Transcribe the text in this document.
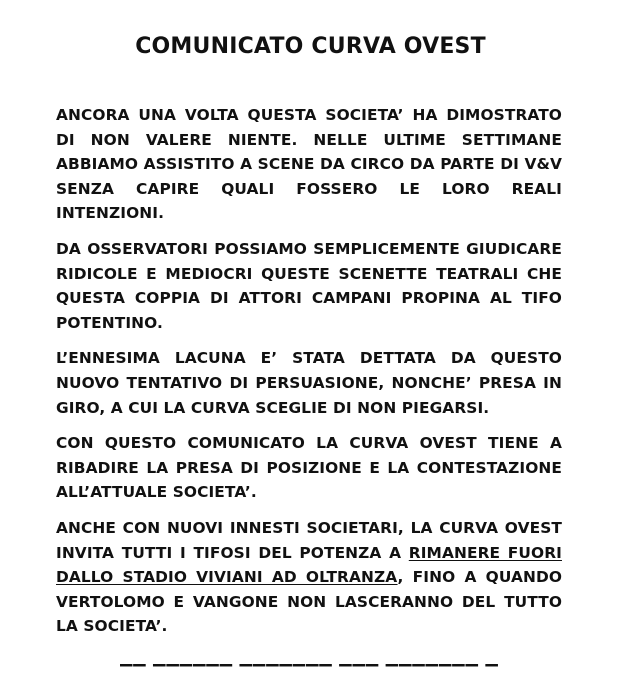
COMUNICATO CURVA OVEST

ANCORA UNA VOLTA QUESTA SOCIETA’ HA DIMOSTRATO DI NON VALERE NIENTE. NELLE ULTIME SETTIMANE ABBIAMO ASSISTITO A SCENE DA CIRCO DA PARTE DI V&V SENZA CAPIRE QUALI FOSSERO LE LORO REALI INTENZIONI.

DA OSSERVATORI POSSIAMO SEMPLICEMENTE GIUDICARE RIDICOLE E MEDIOCRI QUESTE SCENETTE TEATRALI CHE QUESTA COPPIA DI ATTORI CAMPANI PROPINA AL TIFO POTENTINO.

L’ENNESIMA LACUNA E’ STATA DETTATA DA QUESTO NUOVO TENTATIVO DI PERSUASIONE, NONCHE’ PRESA IN GIRO, A CUI LA CURVA SCEGLIE DI NON PIEGARSI.

CON QUESTO COMUNICATO LA CURVA OVEST TIENE A RIBADIRE LA PRESA DI POSIZIONE E LA CONTESTAZIONE ALL’ATTUALE SOCIETA’.

ANCHE CON NUOVI INNESTI SOCIETARI, LA CURVA OVEST INVITA TUTTI I TIFOSI DEL POTENZA A RIMANERE FUORI DALLO STADIO VIVIANI AD OLTRANZA, FINO A QUANDO VERTOLOMO E VANGONE NON LASCERANNO DEL TUTTO LA SOCIETA’.

▔▔ ▔▔▔▔▔▔ ▔▔▔▔▔▔▔ ▔▔▔ ▔▔▔▔▔▔▔ ▔
